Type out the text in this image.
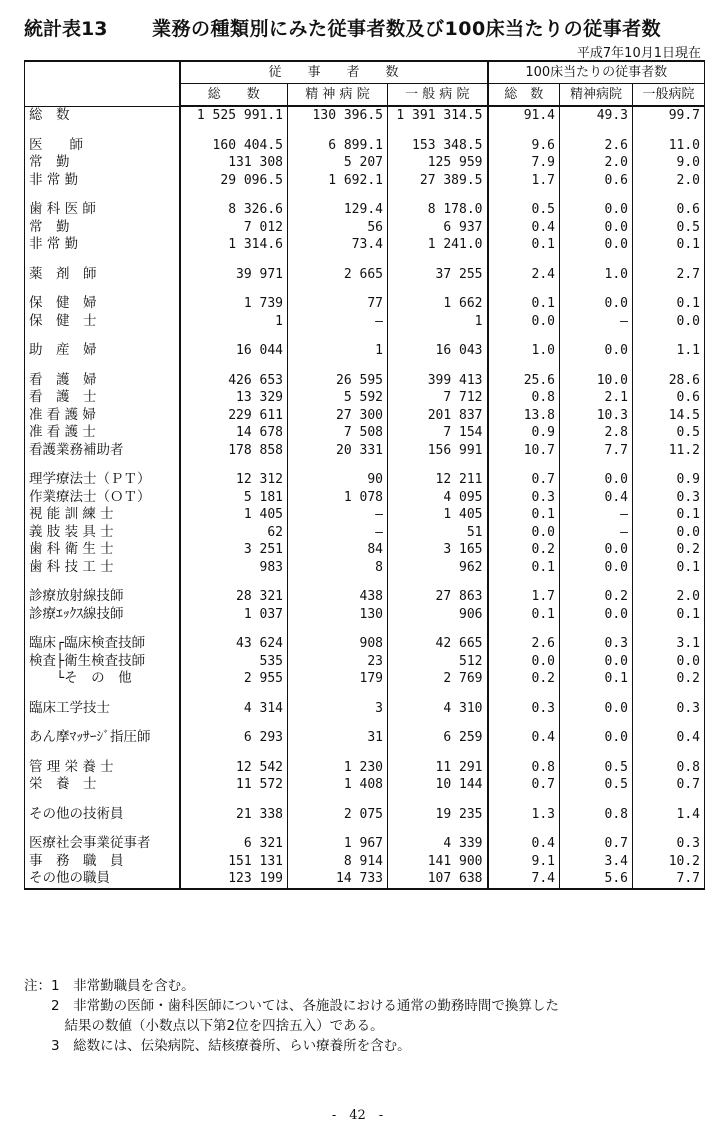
統計表13 業務の種類別にみた従事者数及び100床当たりの従事者数
平成7年10月1日現在
	従　　事　　者　　数			100床当たりの従事者数		
	総　　数	精 神 病 院	一 般 病 院	総　数	精神病院	一般病院
総　数	1 525 991.1	130 396.5	1 391 314.5	91.4	49.3	99.7

医　　師	160 404.5	6 899.1	153 348.5	9.6	2.6	11.0
常　勤	131 308	5 207	125 959	7.9	2.0	9.0
非 常 勤	29 096.5	1 692.1	27 389.5	1.7	0.6	2.0

歯 科 医 師	8 326.6	129.4	8 178.0	0.5	0.0	0.6
常　勤	7 012	56	6 937	0.4	0.0	0.5
非 常 勤	1 314.6	73.4	1 241.0	0.1	0.0	0.1

薬　剤　師	39 971	2 665	37 255	2.4	1.0	2.7

保　健　婦	1 739	77	1 662	0.1	0.0	0.1
保　健　士	1	—	1	0.0	—	0.0

助　産　婦	16 044	1	16 043	1.0	0.0	1.1

看　護　婦	426 653	26 595	399 413	25.6	10.0	28.6
看　護　士	13 329	5 592	7 712	0.8	2.1	0.6
准 看 護 婦	229 611	27 300	201 837	13.8	10.3	14.5
准 看 護 士	14 678	7 508	7 154	0.9	2.8	0.5
看護業務補助者	178 858	20 331	156 991	10.7	7.7	11.2

理学療法士（ＰＴ）	12 312	90	12 211	0.7	0.0	0.9
作業療法士（ＯＴ）	5 181	1 078	4 095	0.3	0.4	0.3
視 能 訓 練 士	1 405	—	1 405	0.1	—	0.1
義 肢 装 具 士	62	—	51	0.0	—	0.0
歯 科 衛 生 士	3 251	84	3 165	0.2	0.0	0.2
歯 科 技 工 士	983	8	962	0.1	0.0	0.1

診療放射線技師	28 321	438	27 863	1.7	0.2	2.0
診療ｴｯｸｽ線技師	1 037	130	906	0.1	0.0	0.1

臨床┌臨床検査技師	43 624	908	42 665	2.6	0.3	3.1
検査├衛生検査技師	535	23	512	0.0	0.0	0.0
　　└そ　の　他	2 955	179	2 769	0.2	0.1	0.2

臨床工学技士	4 314	3	4 310	0.3	0.0	0.3

あん摩ﾏｯｻｰｼﾞ指圧師	6 293	31	6 259	0.4	0.0	0.4

管 理 栄 養 士	12 542	1 230	11 291	0.8	0.5	0.8
栄　養　士	11 572	1 408	10 144	0.7	0.5	0.7

その他の技術員	21 338	2 075	19 235	1.3	0.8	1.4

医療社会事業従事者	6 321	1 967	4 339	0.4	0.7	0.3
事　務　職　員	151 131	8 914	141 900	9.1	3.4	10.2
その他の職員	123 199	14 733	107 638	7.4	5.6	7.7
注：1　非常勤職員を含む。
　　2　非常勤の医師・歯科医師については、各施設における通常の勤務時間で換算した
　　　結果の数値（小数点以下第2位を四捨五入）である。
　　3　総数には、伝染病院、結核療養所、らい療養所を含む。
-　42　-
